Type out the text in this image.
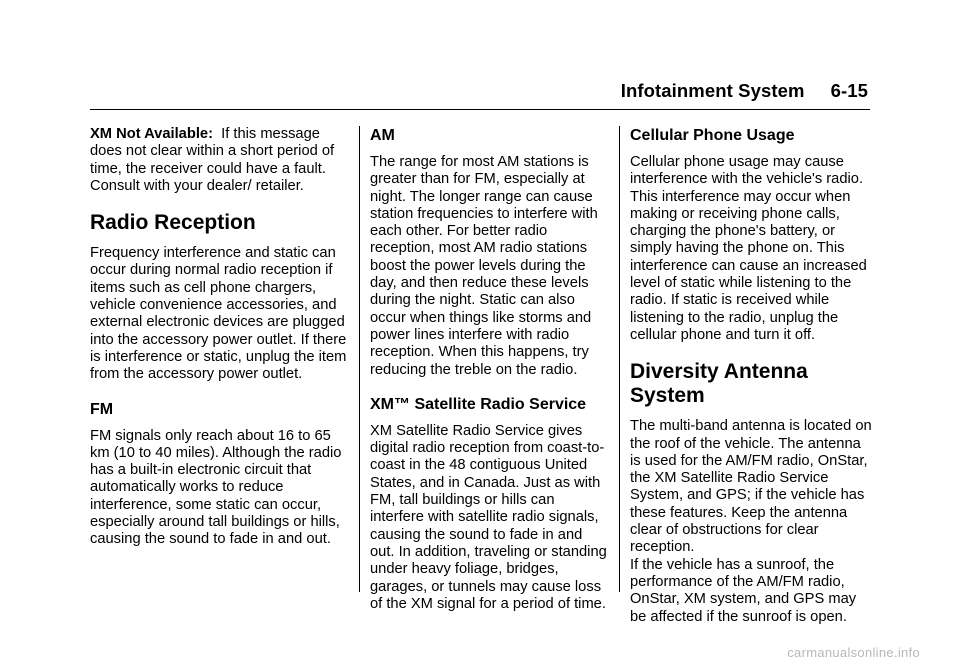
Infotainment System 6-15

XM Not Available: If this message does not clear within a short period of time, the receiver could have a fault. Consult with your dealer/ retailer.

Radio Reception

Frequency interference and static can occur during normal radio reception if items such as cell phone chargers, vehicle convenience accessories, and external electronic devices are plugged into the accessory power outlet. If there is interference or static, unplug the item from the accessory power outlet.

FM

FM signals only reach about 16 to 65 km (10 to 40 miles). Although the radio has a built-in electronic circuit that automatically works to reduce interference, some static can occur, especially around tall buildings or hills, causing the sound to fade in and out.

AM

The range for most AM stations is greater than for FM, especially at night. The longer range can cause station frequencies to interfere with each other. For better radio reception, most AM radio stations boost the power levels during the day, and then reduce these levels during the night. Static can also occur when things like storms and power lines interfere with radio reception. When this happens, try reducing the treble on the radio.

XM™ Satellite Radio Service

XM Satellite Radio Service gives digital radio reception from coast-to-coast in the 48 contiguous United States, and in Canada. Just as with FM, tall buildings or hills can interfere with satellite radio signals, causing the sound to fade in and out. In addition, traveling or standing under heavy foliage, bridges, garages, or tunnels may cause loss of the XM signal for a period of time.

Cellular Phone Usage

Cellular phone usage may cause interference with the vehicle's radio. This interference may occur when making or receiving phone calls, charging the phone's battery, or simply having the phone on. This interference can cause an increased level of static while listening to the radio. If static is received while listening to the radio, unplug the cellular phone and turn it off.

Diversity Antenna System

The multi-band antenna is located on the roof of the vehicle. The antenna is used for the AM/FM radio, OnStar, the XM Satellite Radio Service System, and GPS; if the vehicle has these features. Keep the antenna clear of obstructions for clear reception.

If the vehicle has a sunroof, the performance of the AM/FM radio, OnStar, XM system, and GPS may be affected if the sunroof is open.

carmanualsonline.info
